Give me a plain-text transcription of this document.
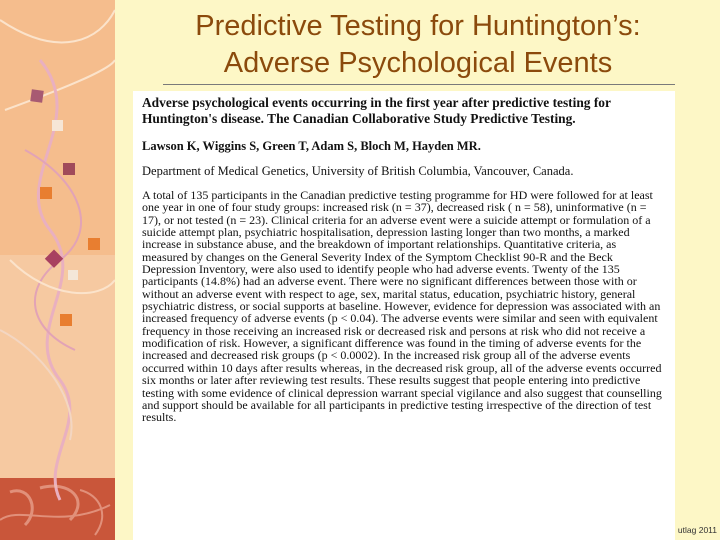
Predictive Testing for Huntington’s:
Adverse Psychological Events

Adverse psychological events occurring in the first year after predictive testing for Huntington's disease. The Canadian Collaborative Study Predictive Testing.

Lawson K, Wiggins S, Green T, Adam S, Bloch M, Hayden MR.

Department of Medical Genetics, University of British Columbia, Vancouver, Canada.

A total of 135 participants in the Canadian predictive testing programme for HD were followed for at least one year in one of four study groups: increased risk (n = 37), decreased risk ( n = 58), uninformative (n = 17), or not tested (n = 23). Clinical criteria for an adverse event were a suicide attempt or formulation of a suicide attempt plan, psychiatric hospitalisation, depression lasting longer than two months, a marked increase in substance abuse, and the breakdown of important relationships. Quantitative criteria, as measured by changes on the General Severity Index of the Symptom Checklist 90-R and the Beck Depression Inventory, were also used to identify people who had adverse events. Twenty of the 135 participants (14.8%) had an adverse event. There were no significant differences between those with or without an adverse event with respect to age, sex, marital status, education, psychiatric history, general psychiatric distress, or social supports at baseline. However, evidence for depression was associated with an increased frequency of adverse events (p < 0.04). The adverse events were similar and seen with equivalent frequency in those receiving an increased risk or decreased risk and persons at risk who did not receive a modification of risk. However, a significant difference was found in the timing of adverse events for the increased and decreased risk groups (p < 0.0002). In the increased risk group all of the adverse events occurred within 10 days after results whereas, in the decreased risk group, all of the adverse events occurred six months or later after reviewing test results. These results suggest that people entering into predictive testing with some evidence of clinical depression warrant special vigilance and also suggest that counselling and support should be available for all participants in predictive testing irrespective of the direction of test results.

utlag 2011
